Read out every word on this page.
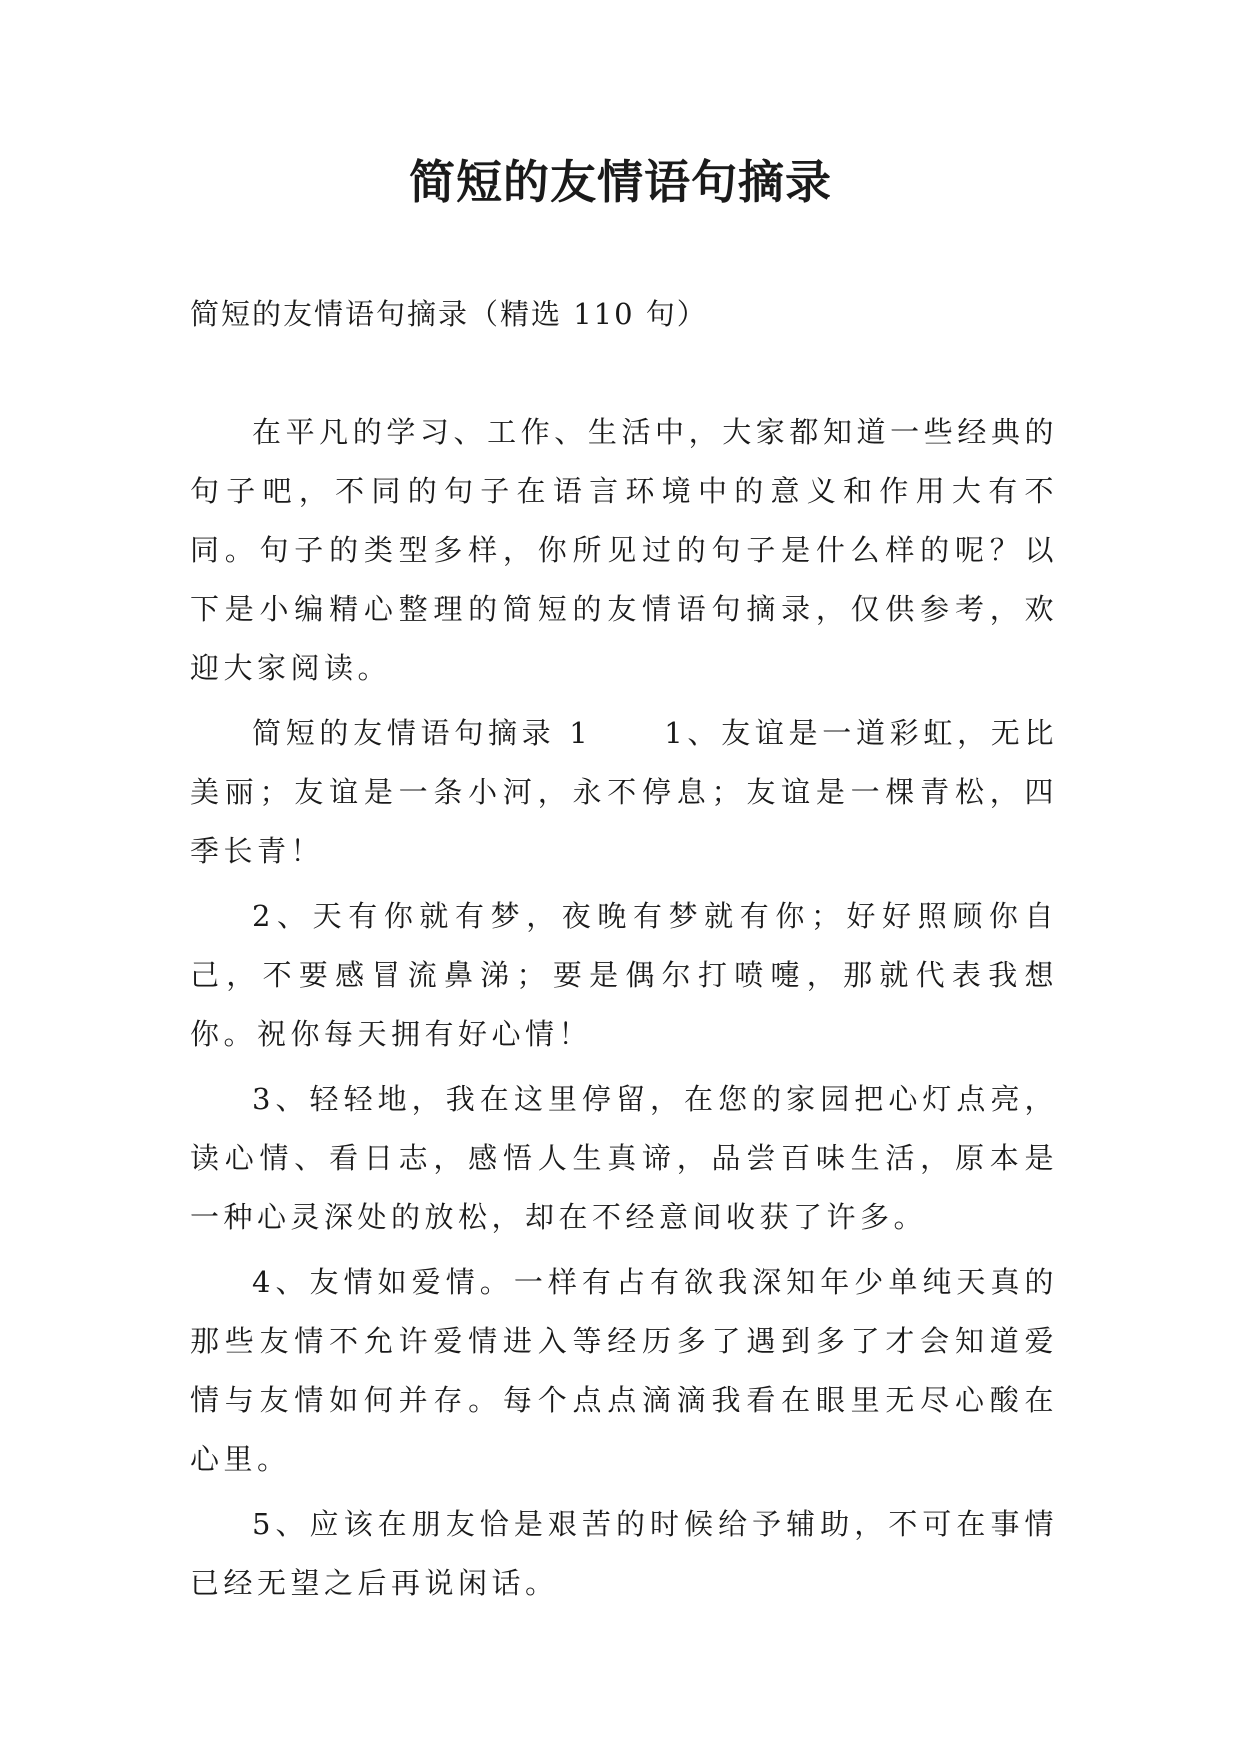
简短的友情语句摘录
简短的友情语句摘录（精选 110 句）

在平凡的学习、工作、生活中，大家都知道一些经典的句子吧，不同的句子在语言环境中的意义和作用大有不同。句子的类型多样，你所见过的句子是什么样的呢？以下是小编精心整理的简短的友情语句摘录，仅供参考，欢迎大家阅读。

简短的友情语句摘录 1 1、友谊是一道彩虹，无比美丽；友谊是一条小河，永不停息；友谊是一棵青松，四季长青！

2、天有你就有梦，夜晚有梦就有你；好好照顾你自己，不要感冒流鼻涕；要是偶尔打喷嚏，那就代表我想你。祝你每天拥有好心情！

3、轻轻地，我在这里停留，在您的家园把心灯点亮，读心情、看日志，感悟人生真谛，品尝百味生活，原本是一种心灵深处的放松，却在不经意间收获了许多。

4、友情如爱情。一样有占有欲我深知年少单纯天真的那些友情不允许爱情进入等经历多了遇到多了才会知道爱情与友情如何并存。每个点点滴滴我看在眼里无尽心酸在心里。

5、应该在朋友恰是艰苦的时候给予辅助，不可在事情已经无望之后再说闲话。
